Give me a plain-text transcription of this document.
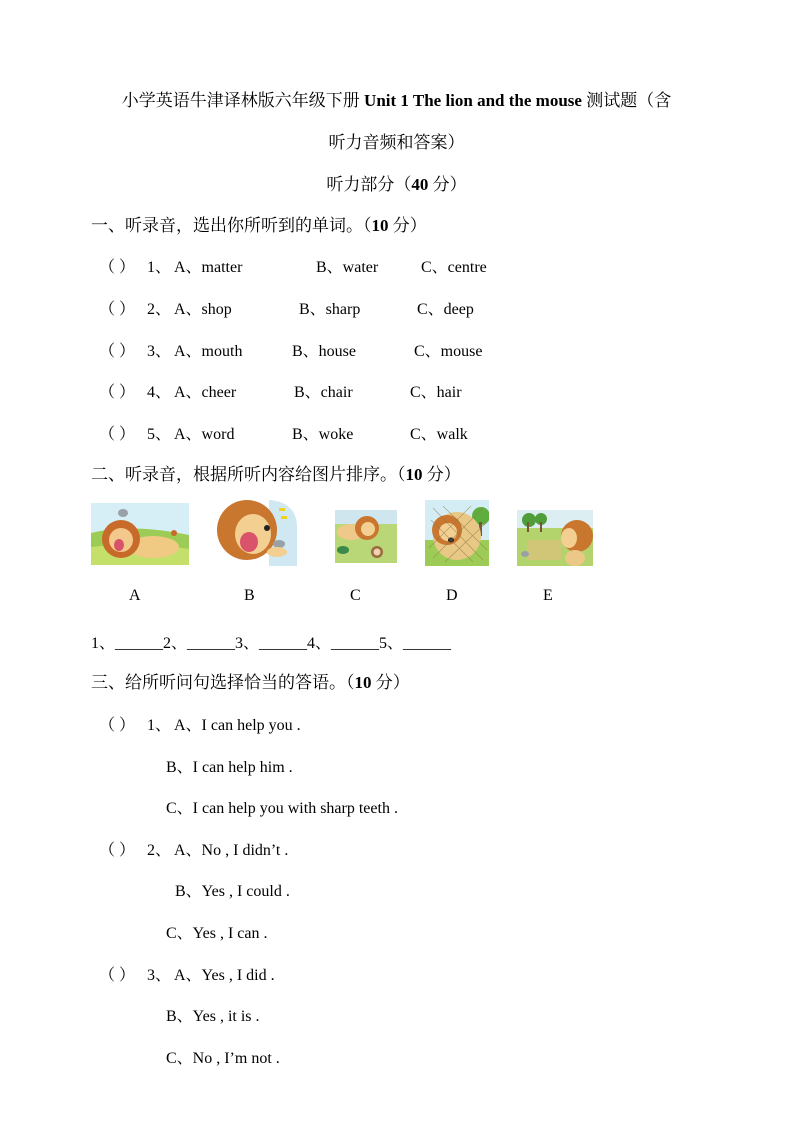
小学英语牛津译林版六年级下册 Unit 1 The lion and the mouse 测试题（含
听力音频和答案）
听力部分（40 分）
一、听录音，选出你所听到的单词。（10 分）
（ ） 1、 A、matter	B、water	C、centre
（ ） 2、 A、shop	B、sharp	C、deep
（ ） 3、 A、mouth	B、house	C、mouse
（ ） 4、 A、cheer	B、chair	C、hair
（ ） 5、 A、word	B、woke	C、walk
二、听录音，根据所听内容给图片排序。（10 分）
A	B	C	D	E
1、______2、______3、______4、______5、______
三、给所听问句选择恰当的答语。（10 分）
（ ） 1、 A、I can help you .
B、I can help him .
C、I can help you with sharp teeth .
（ ） 2、 A、No , I didn’t .
B、Yes , I could .
C、Yes , I can .
（ ） 3、 A、Yes , I did .
B、Yes , it is .
C、No , I’m not .
